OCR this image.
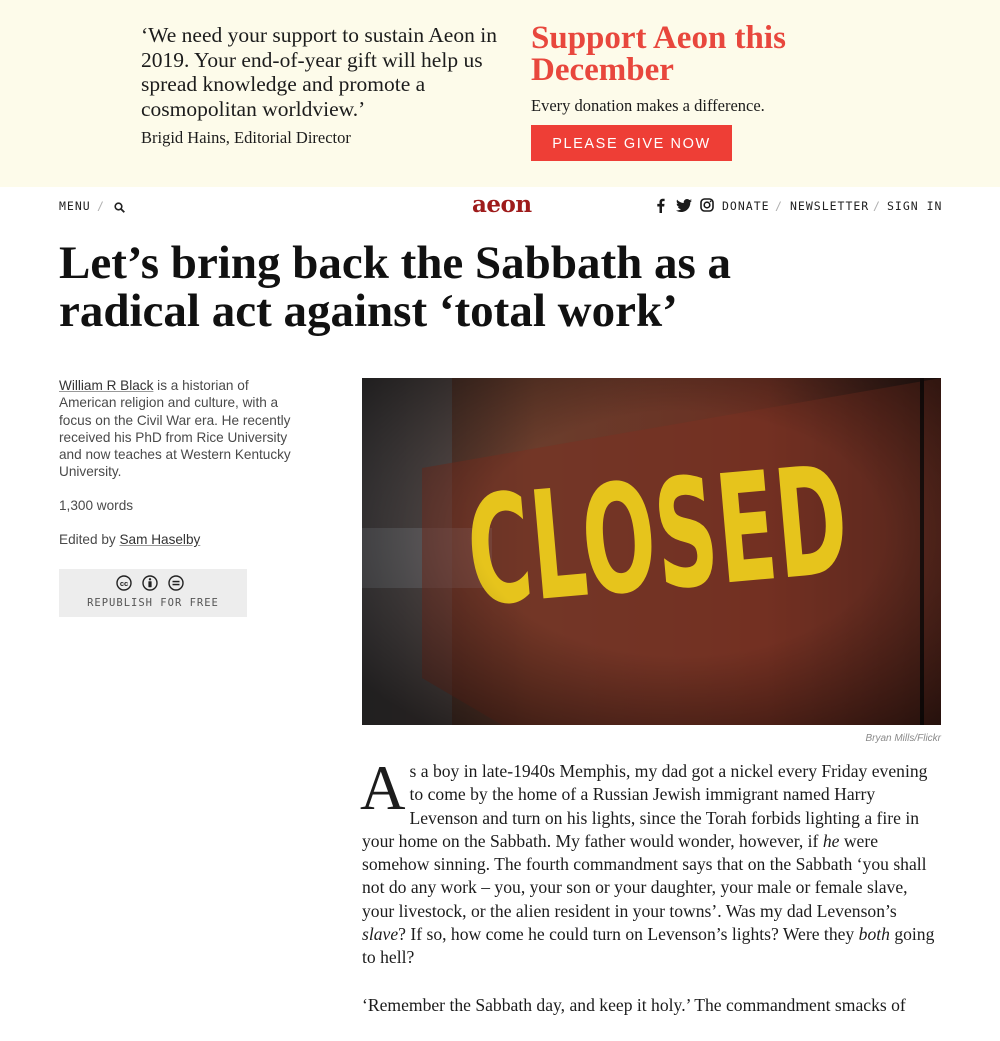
‘We need your support to sustain Aeon in 2019. Your end-of-year gift will help us spread knowledge and promote a cosmopolitan worldview.’
Brigid Hains, Editorial Director
Support Aeon this December
Every donation makes a difference.
PLEASE GIVE NOW
MENU /	aeon	DONATE / NEWSLETTER / SIGN IN
Let’s bring back the Sabbath as a radical act against ‘total work’
William R Black is a historian of American religion and culture, with a focus on the Civil War era. He recently received his PhD from Rice University and now teaches at Western Kentucky University.
1,300 words
Edited by Sam Haselby
cc
REPUBLISH FOR FREE
Bryan Mills/Flickr

As a boy in late-1940s Memphis, my dad got a nickel every Friday evening to come by the home of a Russian Jewish immigrant named Harry Levenson and turn on his lights, since the Torah forbids lighting a fire in your home on the Sabbath. My father would wonder, however, if he were somehow sinning. The fourth commandment says that on the Sabbath ‘you shall not do any work – you, your son or your daughter, your male or female slave, your livestock, or the alien resident in your towns’. Was my dad Levenson’s slave? If so, how come he could turn on Levenson’s lights? Were they both going to hell?

‘Remember the Sabbath day, and keep it holy.’ The commandment smacks of
